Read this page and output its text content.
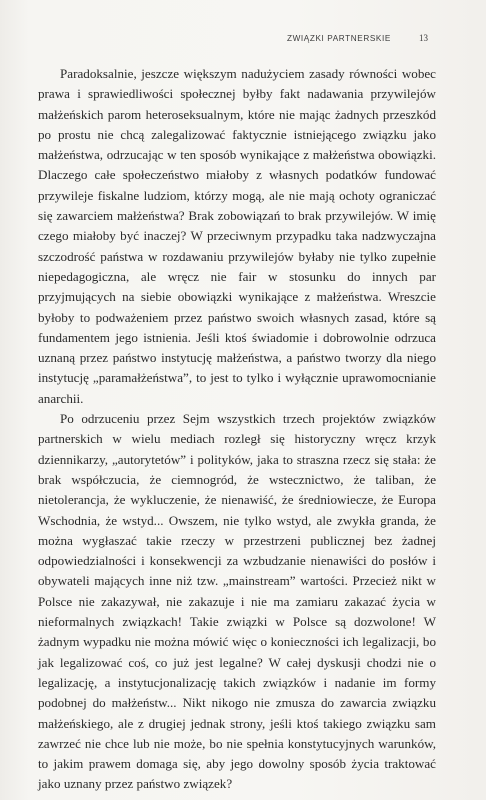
ZWIĄZKI PARTNERSKIE	13

Paradoksalnie, jeszcze większym nadużyciem zasady równości wobec prawa i sprawiedliwości społecznej byłby fakt nadawania przywilejów małżeńskich parom heteroseksualnym, które nie mając żadnych przeszkód po prostu nie chcą zalegalizować faktycznie istniejącego związku jako małżeństwa, odrzucając w ten sposób wynikające z małżeństwa obowiązki. Dlaczego całe społeczeństwo miałoby z własnych podatków fundować przywileje fiskalne ludziom, którzy mogą, ale nie mają ochoty ograniczać się zawarciem małżeństwa? Brak zobowiązań to brak przywilejów. W imię czego miałoby być inaczej? W przeciwnym przypadku taka nadzwyczajna szczodrość państwa w rozdawaniu przywilejów byłaby nie tylko zupełnie niepedagogiczna, ale wręcz nie fair w stosunku do innych par przyjmujących na siebie obowiązki wynikające z małżeństwa. Wreszcie byłoby to podważeniem przez państwo swoich własnych zasad, które są fundamentem jego istnienia. Jeśli ktoś świadomie i dobrowolnie odrzuca uznaną przez państwo instytucję małżeństwa, a państwo tworzy dla niego instytucję „paramałżeństwa”, to jest to tylko i wyłącznie uprawomocnianie anarchii.

Po odrzuceniu przez Sejm wszystkich trzech projektów związków partnerskich w wielu mediach rozległ się historyczny wręcz krzyk dziennikarzy, „autorytetów” i polityków, jaka to straszna rzecz się stała: że brak współczucia, że ciemnogród, że wstecznictwo, że taliban, że nietolerancja, że wykluczenie, że nienawiść, że średniowiecze, że Europa Wschodnia, że wstyd... Owszem, nie tylko wstyd, ale zwykła granda, że można wygłaszać takie rzeczy w przestrzeni publicznej bez żadnej odpowiedzialności i konsekwencji za wzbudzanie nienawiści do posłów i obywateli mających inne niż tzw. „mainstream” wartości. Przecież nikt w Polsce nie zakazywał, nie zakazuje i nie ma zamiaru zakazać życia w nieformalnych związkach! Takie związki w Polsce są dozwolone! W żadnym wypadku nie można mówić więc o konieczności ich legalizacji, bo jak legalizować coś, co już jest legalne? W całej dyskusji chodzi nie o legalizację, a instytucjonalizację takich związków i nadanie im formy podobnej do małżeństw... Nikt nikogo nie zmusza do zawarcia związku małżeńskiego, ale z drugiej jednak strony, jeśli ktoś takiego związku sam zawrzeć nie chce lub nie może, bo nie spełnia konstytucyjnych warunków, to jakim prawem domaga się, aby jego dowolny sposób życia traktować jako uznany przez państwo związek?
